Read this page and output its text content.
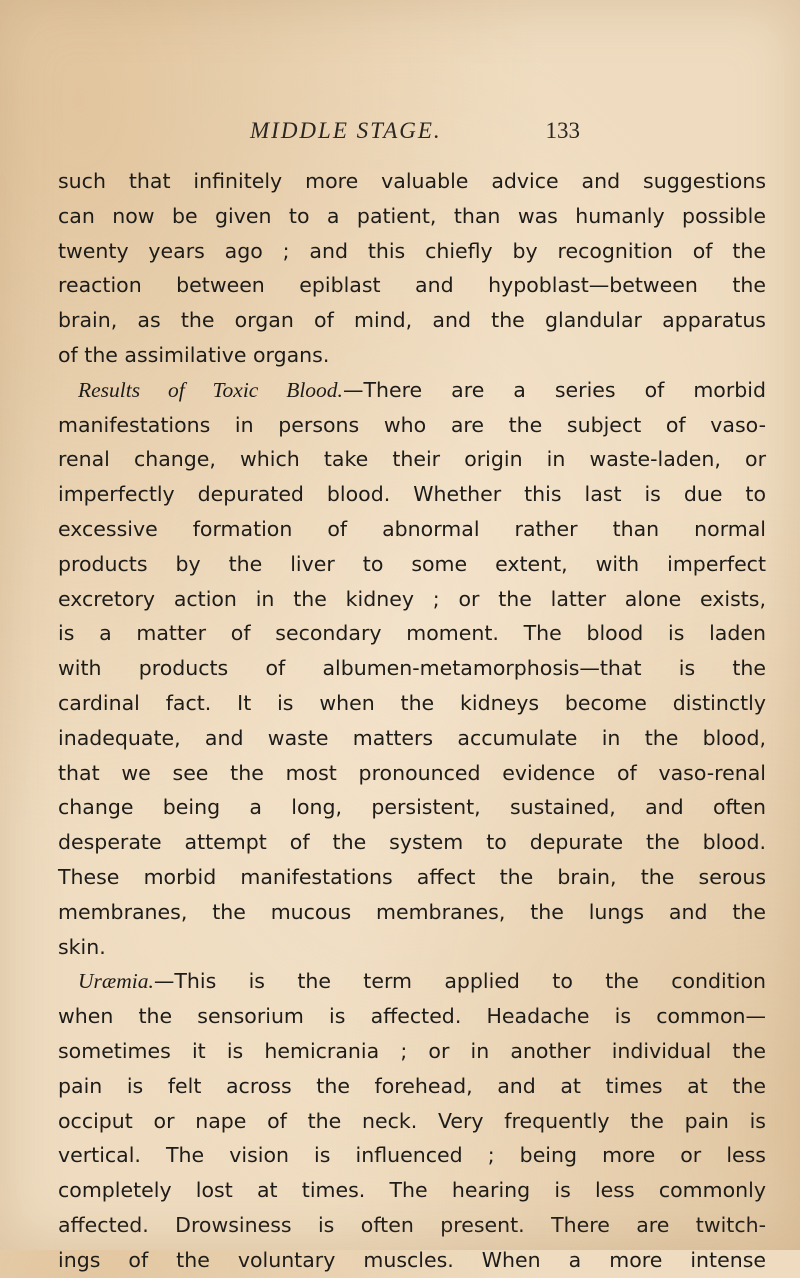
MIDDLE STAGE.	133
such that infinitely more valuable advice and suggestions
can now be given to a patient, than was humanly possible
twenty years ago ; and this chiefly by recognition of the
reaction between epiblast and hypoblast—between the
brain, as the organ of mind, and the glandular apparatus
of the assimilative organs.
Results of Toxic Blood.—There are a series of morbid
manifestations in persons who are the subject of vaso-
renal change, which take their origin in waste-laden, or
imperfectly depurated blood. Whether this last is due to
excessive formation of abnormal rather than normal
products by the liver to some extent, with imperfect
excretory action in the kidney ; or the latter alone exists,
is a matter of secondary moment. The blood is laden
with products of albumen-metamorphosis—that is the
cardinal fact. It is when the kidneys become distinctly
inadequate, and waste matters accumulate in the blood,
that we see the most pronounced evidence of vaso-renal
change being a long, persistent, sustained, and often
desperate attempt of the system to depurate the blood.
These morbid manifestations affect the brain, the serous
membranes, the mucous membranes, the lungs and the
skin.
Uræmia.—This is the term applied to the condition
when the sensorium is affected. Headache is common—
sometimes it is hemicrania ; or in another individual the
pain is felt across the forehead, and at times at the
occiput or nape of the neck. Very frequently the pain is
vertical. The vision is influenced ; being more or less
completely lost at times. The hearing is less commonly
affected. Drowsiness is often present. There are twitch-
ings of the voluntary muscles. When a more intense
